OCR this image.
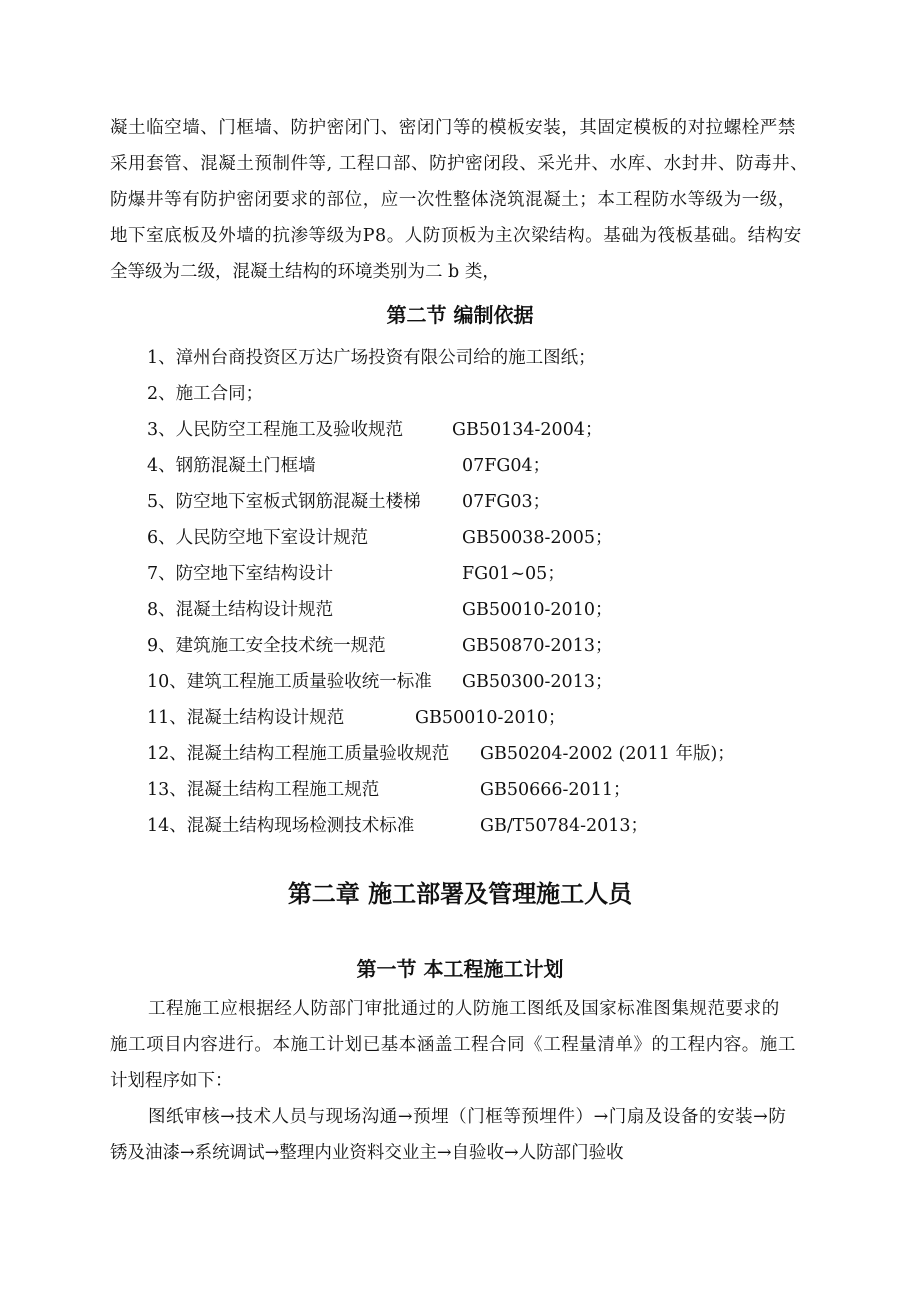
凝土临空墙、门框墙、防护密闭门、密闭门等的模板安装，其固定模板的对拉螺栓严禁
采用套管、混凝土预制件等, 工程口部、防护密闭段、采光井、水库、水封井、防毒井、
防爆井等有防护密闭要求的部位，应一次性整体浇筑混凝土；本工程防水等级为一级，
地下室底板及外墙的抗渗等级为P8。人防顶板为主次梁结构。基础为筏板基础。结构安
全等级为二级，混凝土结构的环境类别为二 b 类，
第二节 编制依据
1、漳州台商投资区万达广场投资有限公司给的施工图纸；
2、施工合同；
3、人民防空工程施工及验收规范	GB50134-2004；
4、钢筋混凝土门框墙	07FG04；
5、防空地下室板式钢筋混凝土楼梯 07FG03；
6、人民防空地下室设计规范	GB50038-2005；
7、防空地下室结构设计	FG01~05；
8、混凝土结构设计规范	GB50010-2010；
9、建筑施工安全技术统一规范	GB50870-2013；
10、建筑工程施工质量验收统一标准 GB50300-2013；
11、混凝土结构设计规范	GB50010-2010；
12、混凝土结构工程施工质量验收规范 GB50204-2002 (2011 年版)；
13、混凝土结构工程施工规范	GB50666-2011；
14、混凝土结构现场检测技术标准	GB/T50784-2013；
第二章 施工部署及管理施工人员
第一节 本工程施工计划
工程施工应根据经人防部门审批通过的人防施工图纸及国家标准图集规范要求的
施工项目内容进行。本施工计划已基本涵盖工程合同《工程量清单》的工程内容。施工
计划程序如下：
图纸审核→技术人员与现场沟通→预埋（门框等预埋件）→门扇及设备的安装→防
锈及油漆→系统调试→整理内业资料交业主→自验收→人防部门验收
